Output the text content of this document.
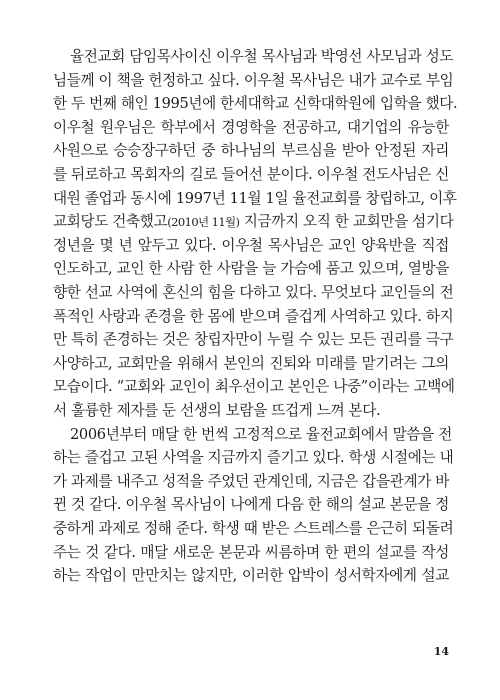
율전교회 담임목사이신 이우철 목사님과 박영선 사모님과 성도
님들께 이 책을 헌정하고 싶다. 이우철 목사님은 내가 교수로 부임
한 두 번째 해인 1995년에 한세대학교 신학대학원에 입학을 했다.
이우철 원우님은 학부에서 경영학을 전공하고, 대기업의 유능한
사원으로 승승장구하던 중 하나님의 부르심을 받아 안정된 자리
를 뒤로하고 목회자의 길로 들어선 분이다. 이우철 전도사님은 신
대원 졸업과 동시에 1997년 11월 1일 율전교회를 창립하고, 이후
교회당도 건축했고(2010년 11월) 지금까지 오직 한 교회만을 섬기다
정년을 몇 년 앞두고 있다. 이우철 목사님은 교인 양육반을 직접
인도하고, 교인 한 사람 한 사람을 늘 가슴에 품고 있으며, 열방을
향한 선교 사역에 혼신의 힘을 다하고 있다. 무엇보다 교인들의 전
폭적인 사랑과 존경을 한 몸에 받으며 즐겁게 사역하고 있다. 하지
만 특히 존경하는 것은 창립자만이 누릴 수 있는 모든 권리를 극구
사양하고, 교회만을 위해서 본인의 진퇴와 미래를 맡기려는 그의
모습이다. “교회와 교인이 최우선이고 본인은 나중”이라는 고백에
서 훌륭한 제자를 둔 선생의 보람을 뜨겁게 느껴 본다.
2006년부터 매달 한 번씩 고정적으로 율전교회에서 말씀을 전
하는 즐겁고 고된 사역을 지금까지 즐기고 있다. 학생 시절에는 내
가 과제를 내주고 성적을 주었던 관계인데, 지금은 갑을관계가 바
뀐 것 같다. 이우철 목사님이 나에게 다음 한 해의 설교 본문을 정
중하게 과제로 정해 준다. 학생 때 받은 스트레스를 은근히 되돌려
주는 것 같다. 매달 새로운 본문과 씨름하며 한 편의 설교를 작성
하는 작업이 만만치는 않지만, 이러한 압박이 성서학자에게 설교
14
